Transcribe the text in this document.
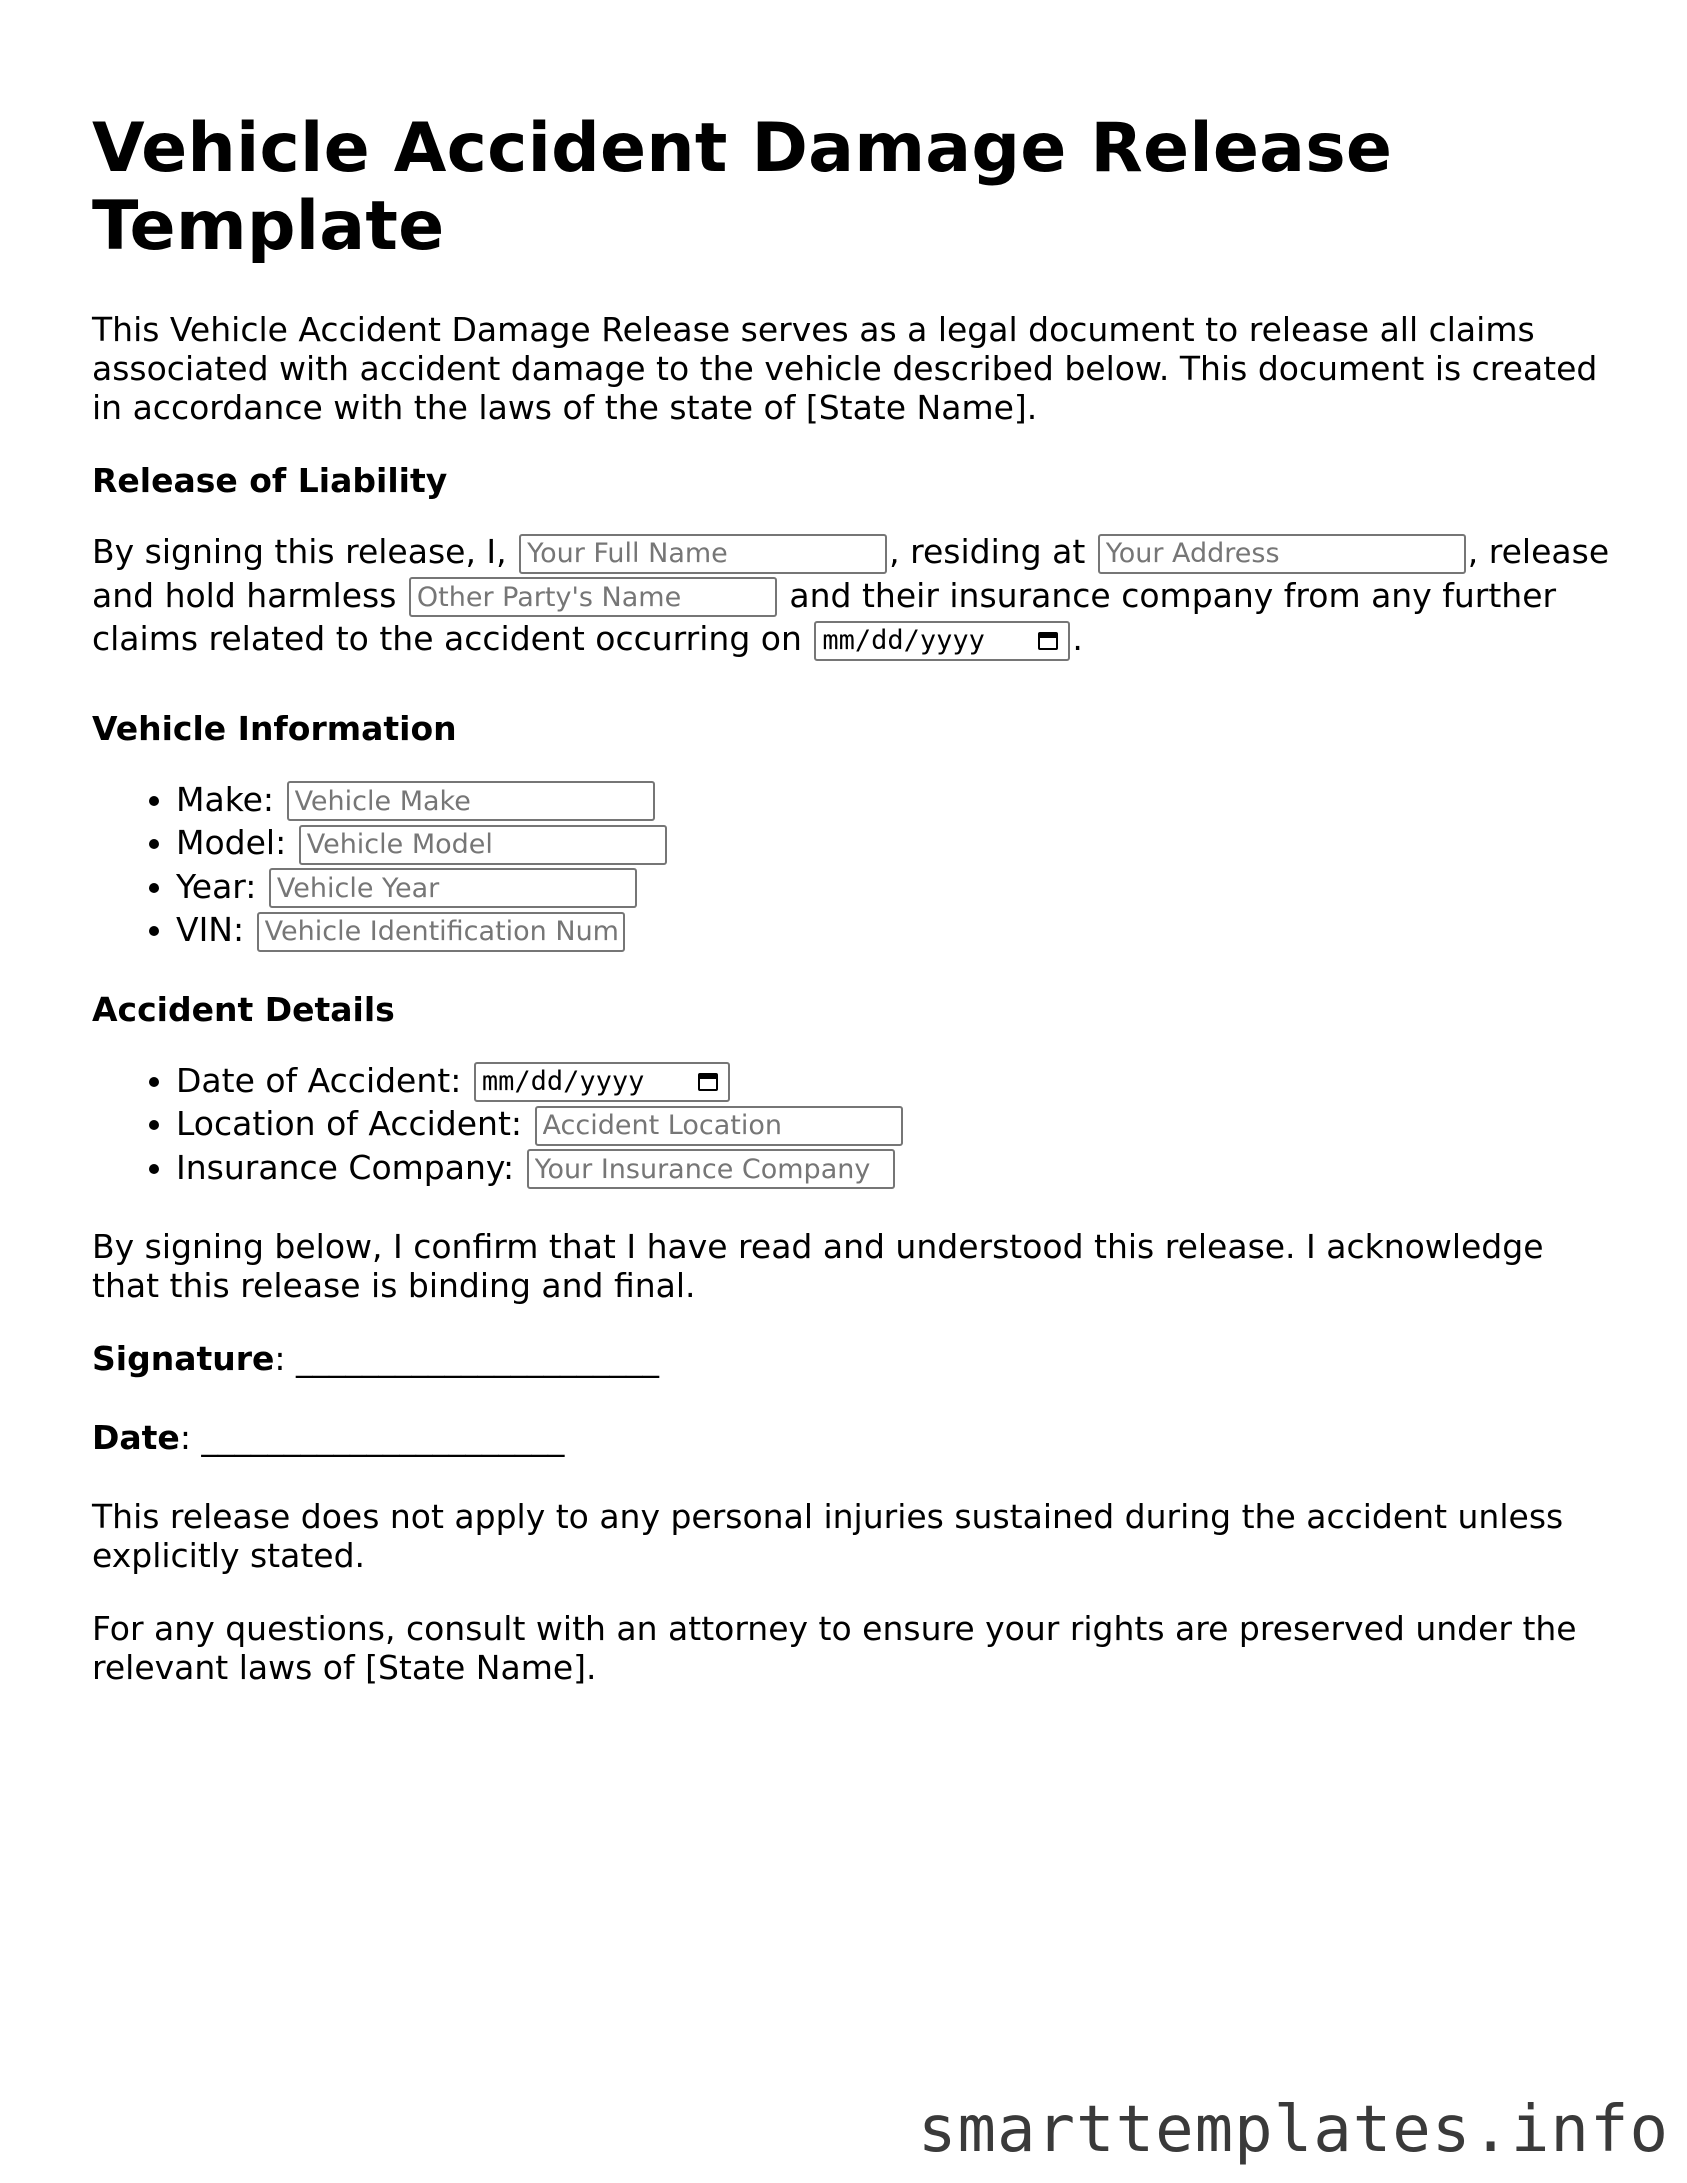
Vehicle Accident Damage Release Template

This Vehicle Accident Damage Release serves as a legal document to release all claims associated with accident damage to the vehicle described below. This document is created in accordance with the laws of the state of [State Name].

Release of Liability

By signing this release, I, Your Full Name	, residing at Your Address	, release and hold harmless Other Party's Name	and their insurance company from any further claims related to the accident occurring on mm/dd/yyyy	.

Vehicle Information
• Make: Vehicle Make
• Model: Vehicle Model
• Year: Vehicle Year
• VIN: Vehicle Identification Num
Accident Details
• Date of Accident: mm/dd/yyyy
• Location of Accident: Accident Location
• Insurance Company: Your Insurance Company

By signing below, I confirm that I have read and understood this release. I acknowledge that this release is binding and final.

Signature: ______________________

Date: ______________________

This release does not apply to any personal injuries sustained during the accident unless explicitly stated.

For any questions, consult with an attorney to ensure your rights are preserved under the relevant laws of [State Name].

smarttemplates.info
